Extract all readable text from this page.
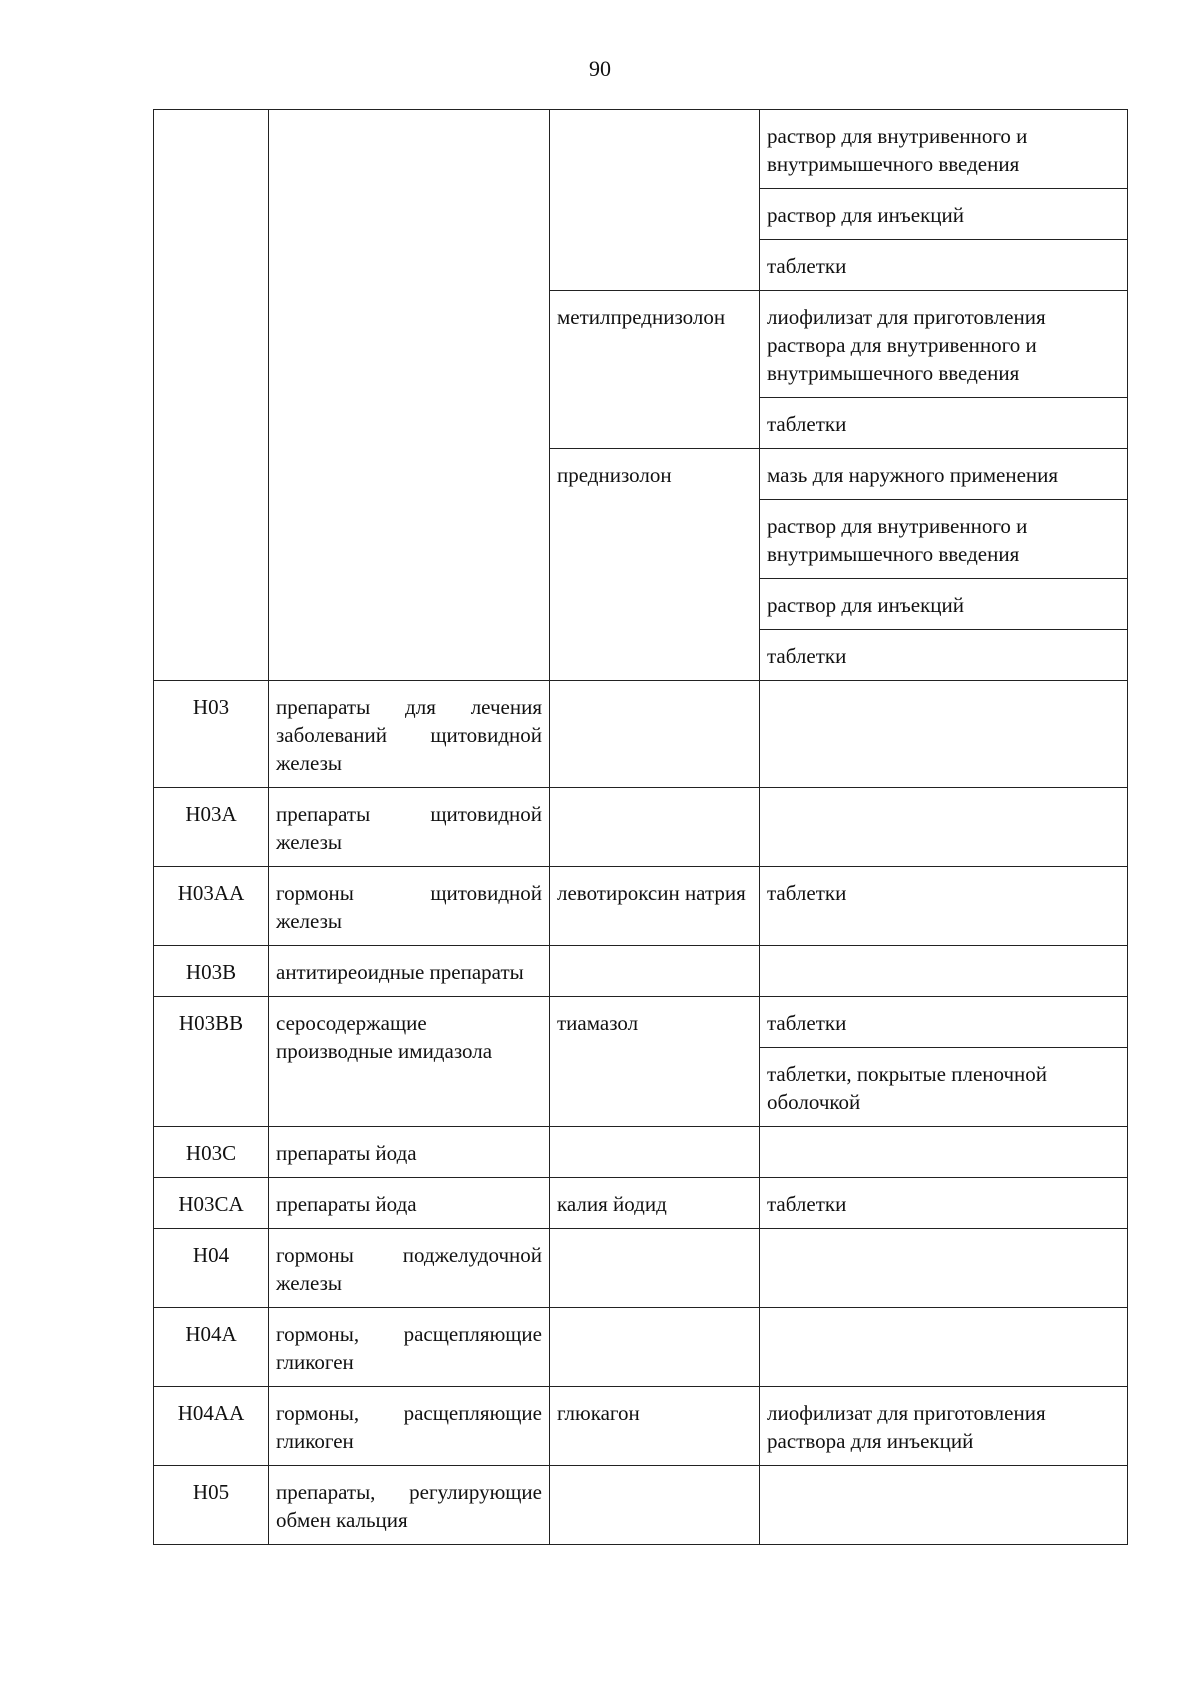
90
			раствор для внутривенного и внутримышечного введения
			раствор для инъекций
			таблетки
		метилпреднизолон	лиофилизат для приготовления раствора для внутривенного и внутримышечного введения
			таблетки
		преднизолон	мазь для наружного применения
			раствор для внутривенного и внутримышечного введения
			раствор для инъекций
			таблетки
H03	препараты для лечения заболеваний щитовидной железы		
H03A	препараты щитовидной железы		
H03AA	гормоны щитовидной железы	левотироксин натрия	таблетки
H03B	антитиреоидные препараты		
H03BB	серосодержащие производные имидазола	тиамазол	таблетки
			таблетки, покрытые пленочной оболочкой
H03C	препараты йода		
H03CA	препараты йода	калия йодид	таблетки
H04	гормоны поджелудочной железы		
H04A	гормоны, расщепляющие гликоген		
H04AA	гормоны, расщепляющие гликоген	глюкагон	лиофилизат для приготовления раствора для инъекций
H05	препараты, регулирующие обмен кальция		
